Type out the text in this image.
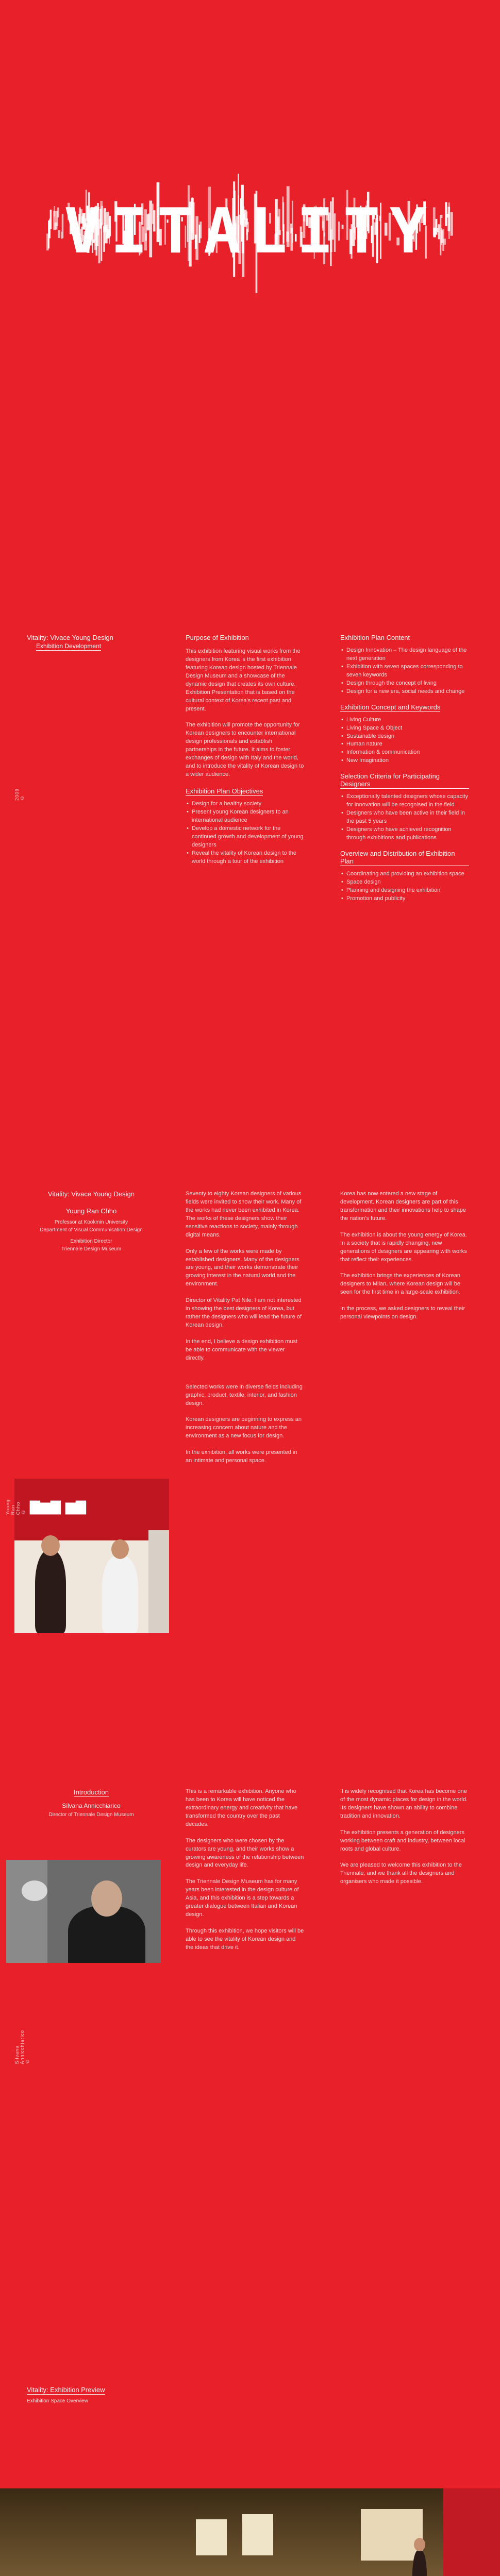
VITALITY
Vitality: Vivace Young Design
Exhibition Development
2009 ©
Purpose of Exhibition
This exhibition featuring visual works from the designers from Korea is the first exhibition featuring Korean design hosted by Triennale Design Museum and a showcase of the dynamic design that creates its own culture. Exhibition Presentation that is based on the cultural context of Korea's recent past and present.

The exhibition will promote the opportunity for Korean designers to encounter international design professionals and establish partnerships in the future. It aims to foster exchanges of design with Italy and the world, and to introduce the vitality of Korean design to a wider audience.
Exhibition Plan Objectives
• Design for a healthy society
• Present young Korean designers to an international audience
• Develop a domestic network for the continued growth and development of young designers
• Reveal the vitality of Korean design to the world through a tour of the exhibition
Exhibition Plan Content
• Design Innovation – The design language of the next generation
• Exhibition with seven spaces corresponding to seven keywords
• Design through the concept of living
• Design for a new era, social needs and change
Exhibition Concept and Keywords
• Living Culture
• Living Space & Object
• Sustainable design
• Human nature
• Information & communication
• New Imagination
Selection Criteria for Participating Designers
• Exceptionally talented designers whose capacity for innovation will be recognised in the field
• Designers who have been active in their field in the past 5 years
• Designers who have achieved recognition through exhibitions and publications
Overview and Distribution of Exhibition Plan
• Coordinating and providing an exhibition space
• Space design
• Planning and designing the exhibition
• Promotion and publicity
Vitality: Vivace Young Design
Young Ran Chho
Professor at Kookmin University
Department of Visual Communication Design
Exhibition Director
Triennale Design Museum
▇▆▇ ▆▇
Young Ran Chho ©
Seventy to eighty Korean designers of various fields were invited to show their work. Many of the works had never been exhibited in Korea. The works of these designers show their sensitive reactions to society, mainly through digital means.

Only a few of the works were made by established designers. Many of the designers are young, and their works demonstrate their growing interest in the natural world and the environment.

Director of Vitality Pat Nile: I am not interested in showing the best designers of Korea, but rather the designers who will lead the future of Korean design.

In the end, I believe a design exhibition must be able to communicate with the viewer directly.
Selected works were in diverse fields including graphic, product, textile, interior, and fashion design.

Korean designers are beginning to express an increasing concern about nature and the environment as a new focus for design.

In the exhibition, all works were presented in an intimate and personal space.
Korea has now entered a new stage of development. Korean designers are part of this transformation and their innovations help to shape the nation's future.

The exhibition is about the young energy of Korea. In a society that is rapidly changing, new generations of designers are appearing with works that reflect their experiences.

The exhibition brings the experiences of Korean designers to Milan, where Korean design will be seen for the first time in a large-scale exhibition.

In the process, we asked designers to reveal their personal viewpoints on design.
Introduction
Silvana Annicchiarico
Director of Triennale Design Museum
Silvana Annicchiarico ©
This is a remarkable exhibition. Anyone who has been to Korea will have noticed the extraordinary energy and creativity that have transformed the country over the past decades.

The designers who were chosen by the curators are young, and their works show a growing awareness of the relationship between design and everyday life.

The Triennale Design Museum has for many years been interested in the design culture of Asia, and this exhibition is a step towards a greater dialogue between Italian and Korean design.

Through this exhibition, we hope visitors will be able to see the vitality of Korean design and the ideas that drive it.
It is widely recognised that Korea has become one of the most dynamic places for design in the world. Its designers have shown an ability to combine tradition and innovation.

The exhibition presents a generation of designers working between craft and industry, between local roots and global culture.

We are pleased to welcome this exhibition to the Triennale, and we thank all the designers and organisers who made it possible.
Vitality: Exhibition Preview
Exhibition Space Overview
